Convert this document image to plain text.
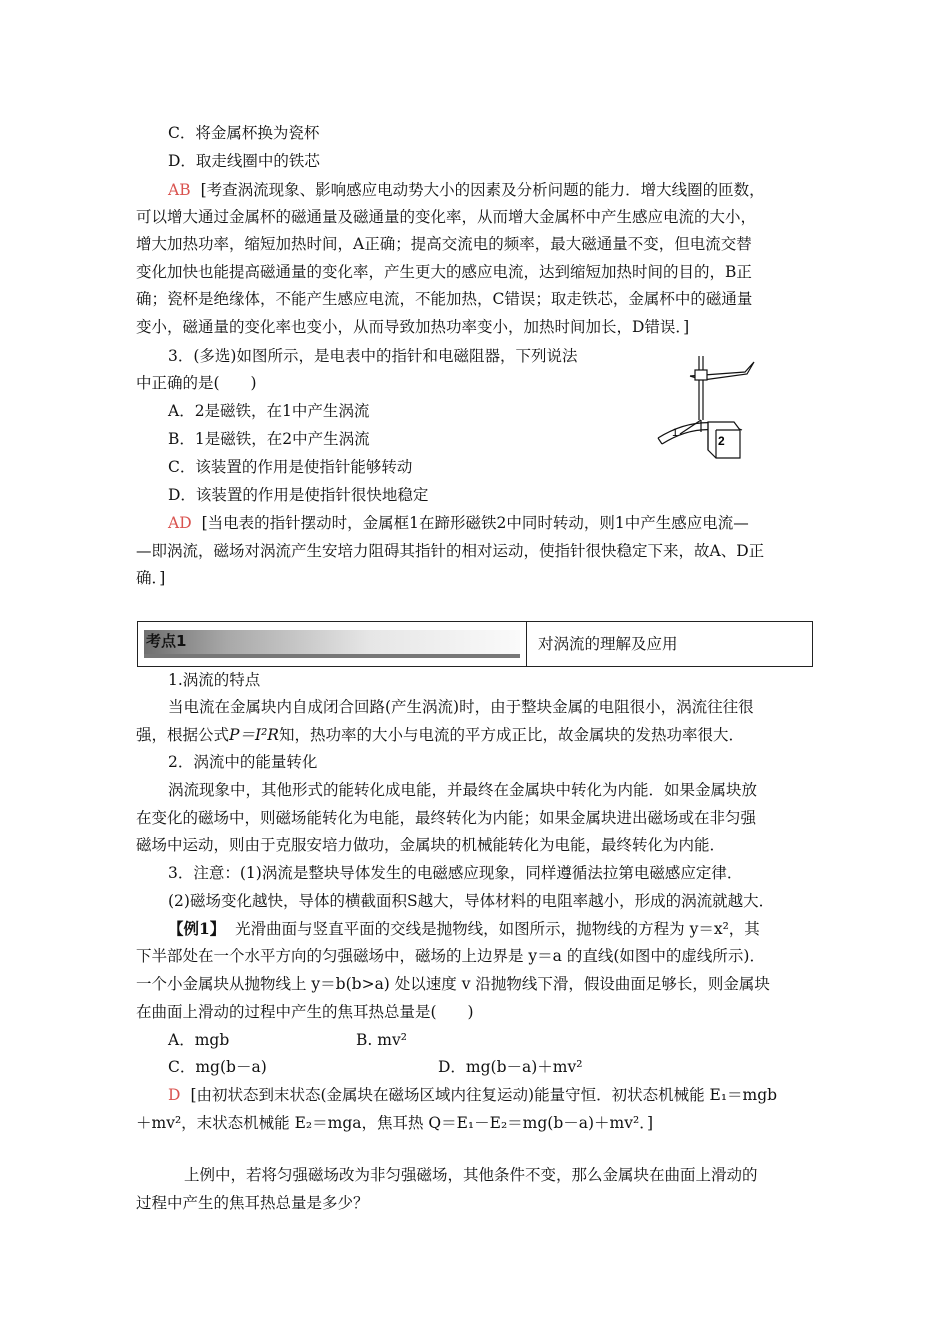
C．将金属杯换为瓷杯
D．取走线圈中的铁芯
AB [考查涡流现象、影响感应电动势大小的因素及分析问题的能力．增大线圈的匝数，
可以增大通过金属杯的磁通量及磁通量的变化率，从而增大金属杯中产生感应电流的大小，
增大加热功率，缩短加热时间，A正确；提高交流电的频率，最大磁通量不变，但电流交替
变化加快也能提高磁通量的变化率，产生更大的感应电流，达到缩短加热时间的目的，B正
确；瓷杯是绝缘体，不能产生感应电流，不能加热，C错误；取走铁芯，金属杯中的磁通量
变小，磁通量的变化率也变小，从而导致加热功率变小，加热时间加长，D错误．]
3．(多选)如图所示，是电表中的指针和电磁阻器，下列说法
中正确的是(　　)
A．2是磁铁，在1中产生涡流
B．1是磁铁，在2中产生涡流
C．该装置的作用是使指针能够转动
D．该装置的作用是使指针很快地稳定
AD [当电表的指针摆动时，金属框1在蹄形磁铁2中同时转动，则1中产生感应电流—
—即涡流，磁场对涡流产生安培力阻碍其指针的相对运动，使指针很快稳定下来，故A、D正
确．]
1
2
考点1	对涡流的理解及应用
1.涡流的特点
当电流在金属块内自成闭合回路(产生涡流)时，由于整块金属的电阻很小，涡流往往很
强，根据公式P＝I²R知，热功率的大小与电流的平方成正比，故金属块的发热功率很大．
2．涡流中的能量转化
涡流现象中，其他形式的能转化成电能，并最终在金属块中转化为内能．如果金属块放
在变化的磁场中，则磁场能转化为电能，最终转化为内能；如果金属块进出磁场或在非匀强
磁场中运动，则由于克服安培力做功，金属块的机械能转化为电能，最终转化为内能．
3．注意：(1)涡流是整块导体发生的电磁感应现象，同样遵循法拉第电磁感应定律．
(2)磁场变化越快，导体的横截面积S越大，导体材料的电阻率越小，形成的涡流就越大．
【例1】 光滑曲面与竖直平面的交线是抛物线，如图所示，抛物线的方程为 y＝x²，其
下半部处在一个水平方向的匀强磁场中，磁场的上边界是 y＝a 的直线(如图中的虚线所示)．
一个小金属块从抛物线上 y＝b(b>a) 处以速度 v 沿抛物线下滑，假设曲面足够长，则金属块
在曲面上滑动的过程中产生的焦耳热总量是(　　)
A．mgb	B. mv²
C．mg(b－a)	D．mg(b－a)＋mv²
D [由初状态到末状态(金属块在磁场区域内往复运动)能量守恒．初状态机械能 E₁＝mgb
＋mv²，末状态机械能 E₂＝mga，焦耳热 Q＝E₁－E₂＝mg(b－a)＋mv²．]
上例中，若将匀强磁场改为非匀强磁场，其他条件不变，那么金属块在曲面上滑动的
过程中产生的焦耳热总量是多少？
